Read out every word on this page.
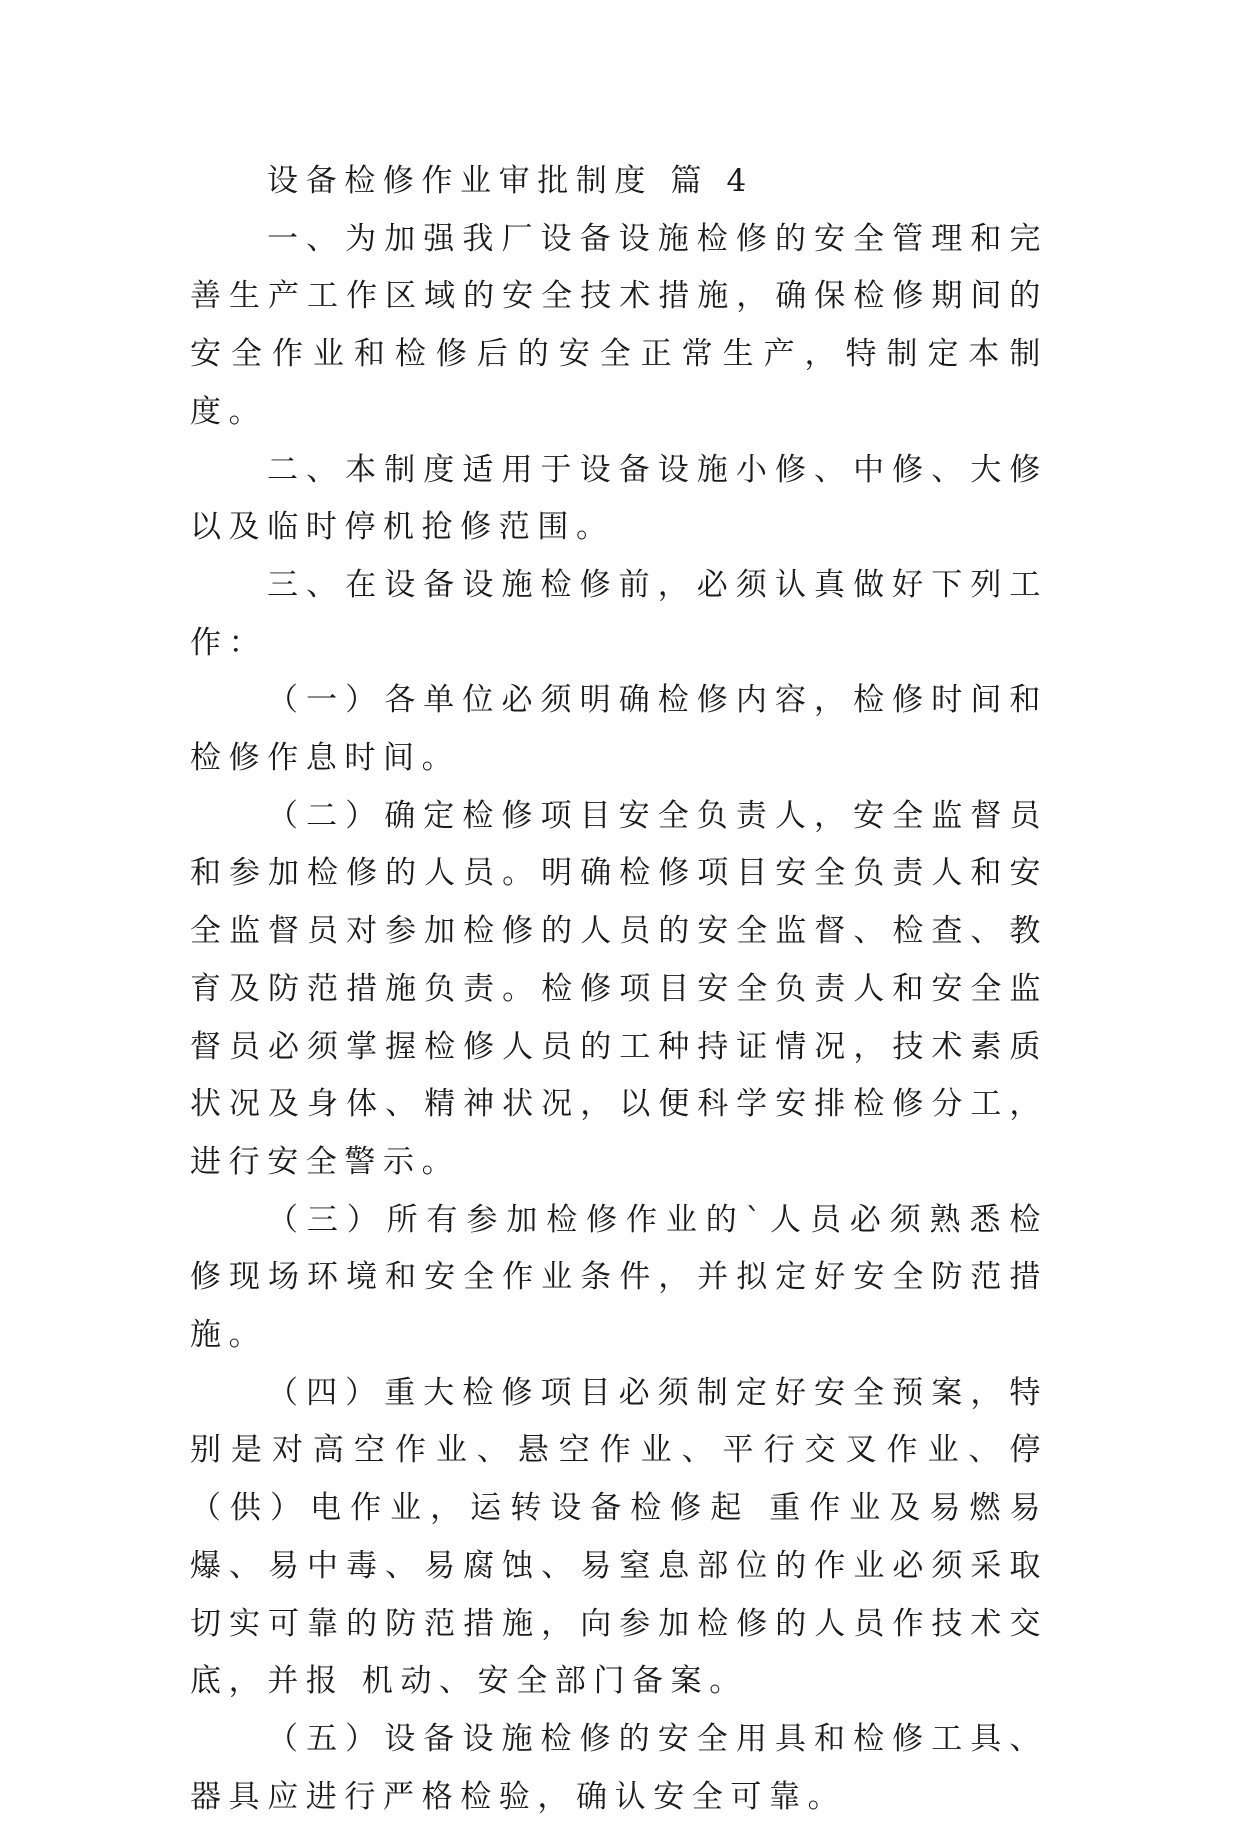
设备检修作业审批制度 篇 4

一、为加强我厂设备设施检修的安全管理和完善生产工作区域的安全技术措施，确保检修期间的安全作业和检修后的安全正常生产，特制定本制度。

二、本制度适用于设备设施小修、中修、大修以及临时停机抢修范围。

三、在设备设施检修前，必须认真做好下列工作：

（一）各单位必须明确检修内容，检修时间和检修作息时间。

（二）确定检修项目安全负责人，安全监督员和参加检修的人员。明确检修项目安全负责人和安全监督员对参加检修的人员的安全监督、检查、教育及防范措施负责。检修项目安全负责人和安全监督员必须掌握检修人员的工种持证情况，技术素质状况及身体、精神状况，以便科学安排检修分工，进行安全警示。

（三）所有参加检修作业的`人员必须熟悉检修现场环境和安全作业条件，并拟定好安全防范措施。

（四）重大检修项目必须制定好安全预案，特别是对高空作业、悬空作业、平行交叉作业、停（供）电作业，运转设备检修起 重作业及易燃易爆、易中毒、易腐蚀、易窒息部位的作业必须采取切实可靠的防范措施，向参加检修的人员作技术交底，并报 机动、安全部门备案。

（五）设备设施检修的安全用具和检修工具、器具应进行严格检验，确认安全可靠。
